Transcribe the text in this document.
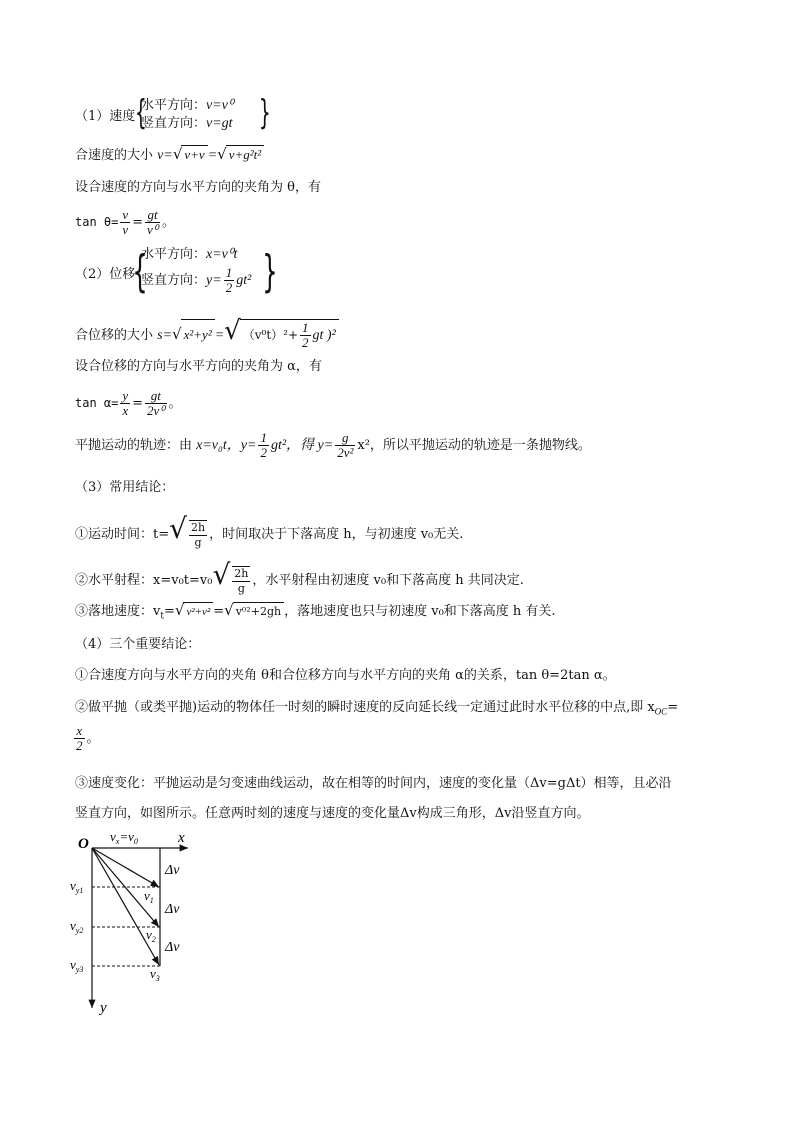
（1）速度 {
水平方向：v=v⁰
竖直方向：v=gt }
合速度的大小 v=√ v+v =√ v+g²t²
设合速度的方向与水平方向的夹角为 θ，有
$\tan \theta= \frac{v}{v} = \frac{gt}{\text{v⁰}}$ 。
（2）位移
{
水平方向：x=v⁰t
竖直方向：$y= \frac{1}{2} gt^2$ }
合位移的大小 s=√ x²+y² =√ $(v^0t)^2+ \frac{1}{2}$ gt )²
设合位移的方向与水平方向的夹角为 α，有
$\tan \alpha= \frac{y}{x} = \frac{gt}{\text{2v⁰}}$ 。
平抛运动的轨迹：由 x=v₀t，$y= \frac{1}{2} gt^2$，得 $y= \frac{g}{\text{2v²}} x^2$，所以平抛运动的轨迹是一条抛物线。
（3）常用结论：
①运动时间：$t=√ \frac{2h}{g}$ ，时间取决于下落高度 h，与初速度 v₀无关.
②水平射程：$x=v_0t=v_0√ \frac{2h}{g}$ ，水平射程由初速度 v₀和下落高度 h 共同决定.
③落地速度：$v_t=√$ v²+v² =√ v⁰²+2gh ，落地速度也只与初速度 v₀和下落高度 h 有关.
（4）三个重要结论：
①合速度方向与水平方向的夹角 θ和合位移方向与水平方向的夹角 α的关系，tan θ=2tan α。
②做平抛（或类平抛)运动的物体任一时刻的瞬时速度的反向延长线一定通过此时水平位移的中点,即 $x_{OC}=$
$\frac{x}{2}$ 。
③速度变化：平抛运动是匀变速曲线运动，故在相等的时间内，速度的变化量（Δv=gΔt）相等，且必沿
竖直方向，如图所示。任意两时刻的速度与速度的变化量Δv构成三角形，Δv沿竖直方向。
O $v_x=v_0$	x
y
Δv
Δv
Δv
$v_{y1}$
$v_{y2}$
$v_{y3}$
$v_1$
$v_2$
$v_3$
